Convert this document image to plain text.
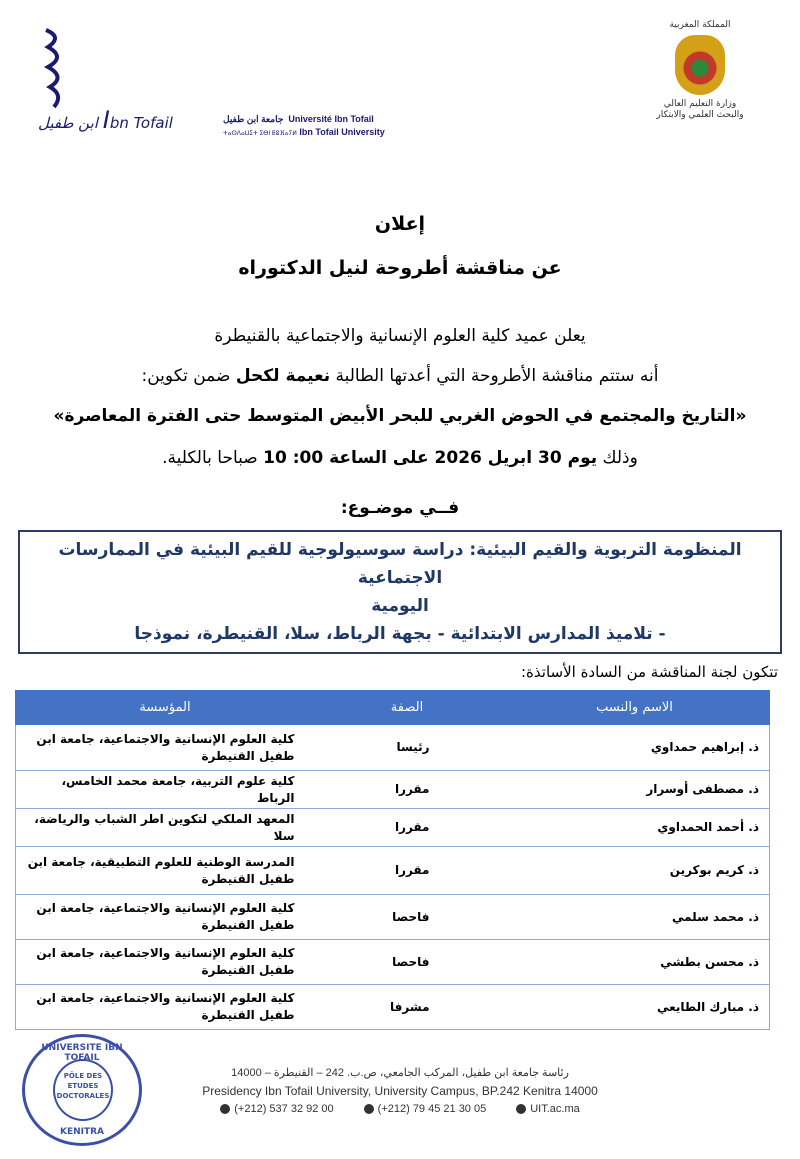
ابن طفيل Ibn Tofail	جامعة ابن طفيل Université Ibn Tofail
ⵜⴰⵙⴷⴰⵡⵉⵜ ⵉⴱⵏ ⵟⵓⴼⴰⵢⵍ Ibn Tofail University
المملكة المغربية
وزارة التعليم العالي
والبحث العلمي والابتكار
إعلان
عن مناقشة أطروحة لنيل الدكتوراه
يعلن عميد كلية العلوم الإنسانية والاجتماعية بالقنيطرة
أنه ستتم مناقشة الأطروحة التي أعدتها الطالبة نعيمة لكحل ضمن تكوين:
«التاريخ والمجتمع في الحوض الغربي للبحر الأبيض المتوسط حتى الفترة المعاصرة»
وذلك يوم 30 ابريل 2026 على الساعة 00: 10 صباحا بالكلية.
فــي موضـوع:
المنظومة التربوية والقيم البيئية: دراسة سوسيولوجية للقيم البيئية في الممارسات الاجتماعية
اليومية
- تلاميذ المدارس الابتدائية - بجهة الرباط، سلا، القنيطرة، نموذجا
تتكون لجنة المناقشة من السادة الأساتذة:
الاسم والنسب	الصفة	المؤسسة
ذ. إبراهيم حمداوي	رئيسا	كلية العلوم الإنسانية والاجتماعية، جامعة ابن طفيل القنيطرة
ذ. مصطفى أوسرار	مقررا	كلية علوم التربية، جامعة محمد الخامس، الرباط
ذ. أحمد الحمداوي	مقررا	المعهد الملكي لتكوين اطر الشباب والرياضة، سلا
ذ. كريم بوكرين	مقررا	المدرسة الوطنية للعلوم التطبيقية، جامعة ابن طفيل القنيطرة
ذ. محمد سلمي	فاحصا	كلية العلوم الإنسانية والاجتماعية، جامعة ابن طفيل القنيطرة
ذ. محسن بطشي	فاحصا	كلية العلوم الإنسانية والاجتماعية، جامعة ابن طفيل القنيطرة
ذ. مبارك الطايعي	مشرفا	كلية العلوم الإنسانية والاجتماعية، جامعة ابن طفيل القنيطرة
UNIVERSITE IBN TOFAIL
PÔLE DES ETUDES DOCTORALES
KENITRA
رئاسة جامعة ابن طفيل، المركب الجامعي، ص.ب. 242 – القنيطرة – 14000
Presidency Ibn Tofail University, University Campus, BP.242 Kenitra 14000
(+212) 537 32 92 00	(+212) 79 45 21 30 05	UIT.ac.ma
